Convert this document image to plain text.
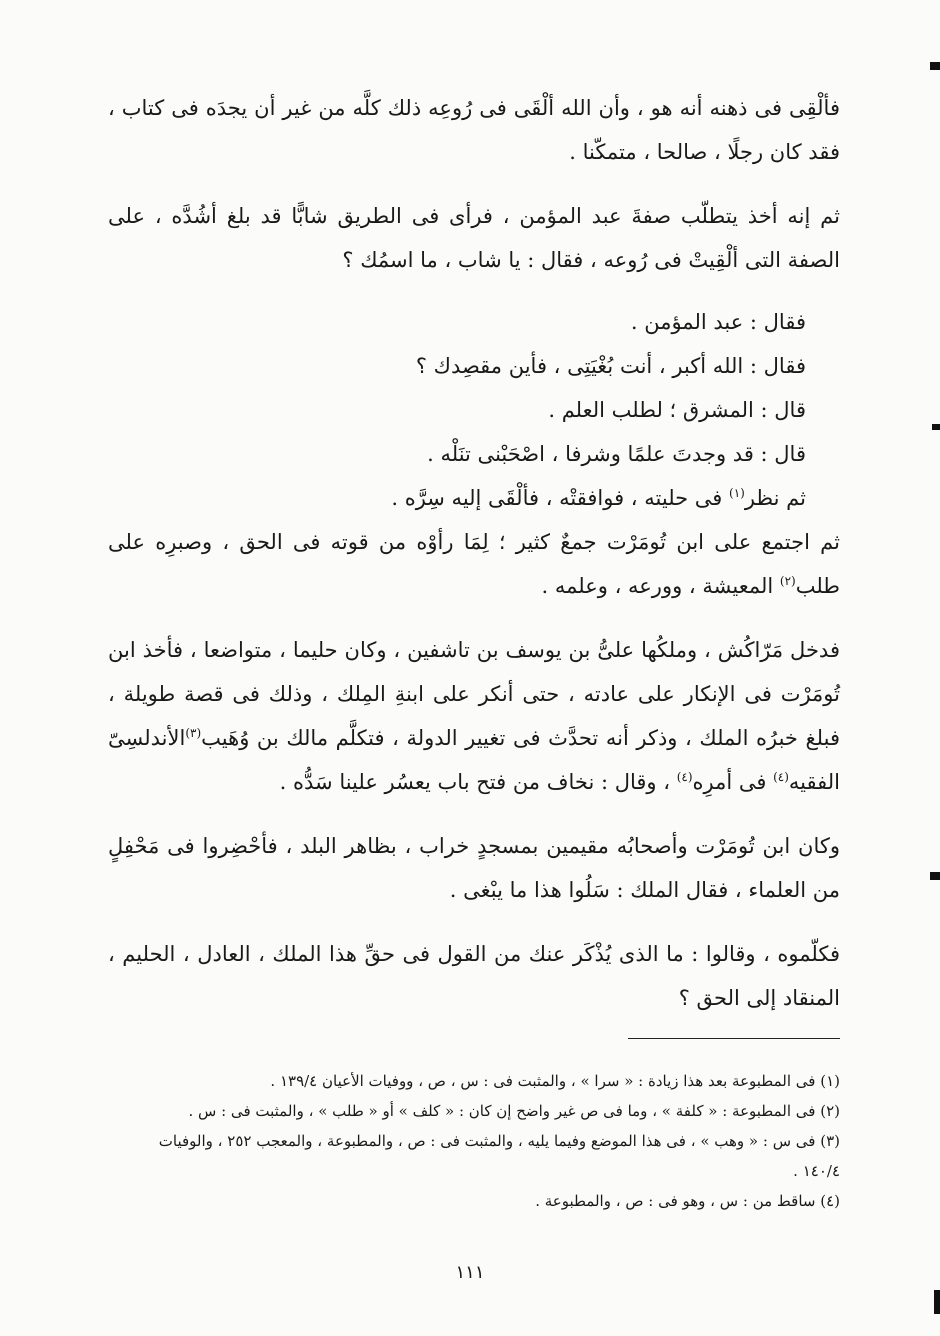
فألْقِى فى ذهنه أنه هو ، وأن الله ألْقَى فى رُوعِه ذلك كلَّه من غير أن يجدَه فى كتاب ، فقد كان رجلًا ، صالحا ، متمكّنا .

ثم إنه أخذ يتطلّب صفةَ عبد المؤمن ، فرأى فى الطريق شابًّا قد بلغ أشُدَّه ، على الصفة التى ألْقِيتْ فى رُوعه ، فقال : يا شاب ، ما اسمُك ؟

فقال : عبد المؤمن .

فقال : الله أكبر ، أنت بُغْيَتِى ، فأين مقصِدك ؟

قال : المشرق ؛ لطلب العلم .

قال : قد وجدتَ علمًا وشرفا ، اصْحَبْنى تنَلْه .

ثم نظر$^{(١)}$ فى حليته ، فوافقتْه ، فألْقَى إليه سِرَّه .

ثم اجتمع على ابن تُومَرْت جمعٌ كثير ؛ لِمَا رأوْه من قوته فى الحق ، وصبرِه على طلب$^{(٢)}$ المعيشة ، وورعه ، وعلمه .

فدخل مَرّاكُش ، وملكُها علىُّ بن يوسف بن تاشفين ، وكان حليما ، متواضعا ، فأخذ ابن تُومَرْت فى الإنكار على عادته ، حتى أنكر على ابنةِ المِلك ، وذلك فى قصة طويلة ، فبلغ خبرُه الملك ، وذكر أنه تحدَّث فى تغيير الدولة ، فتكلَّم مالك بن وُهَيب$^{(٣)}$الأندلسِىّ الفقيه$^{(٤)}$ فى أمرِه$^{(٤)}$ ، وقال : نخاف من فتح باب يعسُر علينا سَدُّه .

وكان ابن تُومَرْت وأصحابُه مقيمين بمسجدٍ خراب ، بظاهر البلد ، فأحْضِروا فى مَحْفِلٍ من العلماء ، فقال الملك : سَلُوا هذا ما يبْغى .

فكلّموه ، وقالوا : ما الذى يُذْكَر عنك من القول فى حقِّ هذا الملك ، العادل ، الحليم ، المنقاد إلى الحق ؟

(١) فى المطبوعة بعد هذا زيادة : « سرا » ، والمثبت فى : س ، ص ، ووفيات الأعيان ١٣٩/٤ .

(٢) فى المطبوعة : « كلفة » ، وما فى ص غير واضح إن كان : « كلف » أو « طلب » ، والمثبت فى : س .

(٣) فى س : « وهب » ، فى هذا الموضع وفيما يليه ، والمثبت فى : ص ، والمطبوعة ، والمعجب ٢٥٢ ، والوفيات ١٤٠/٤ .

(٤) ساقط من : س ، وهو فى : ص ، والمطبوعة .

١١١
